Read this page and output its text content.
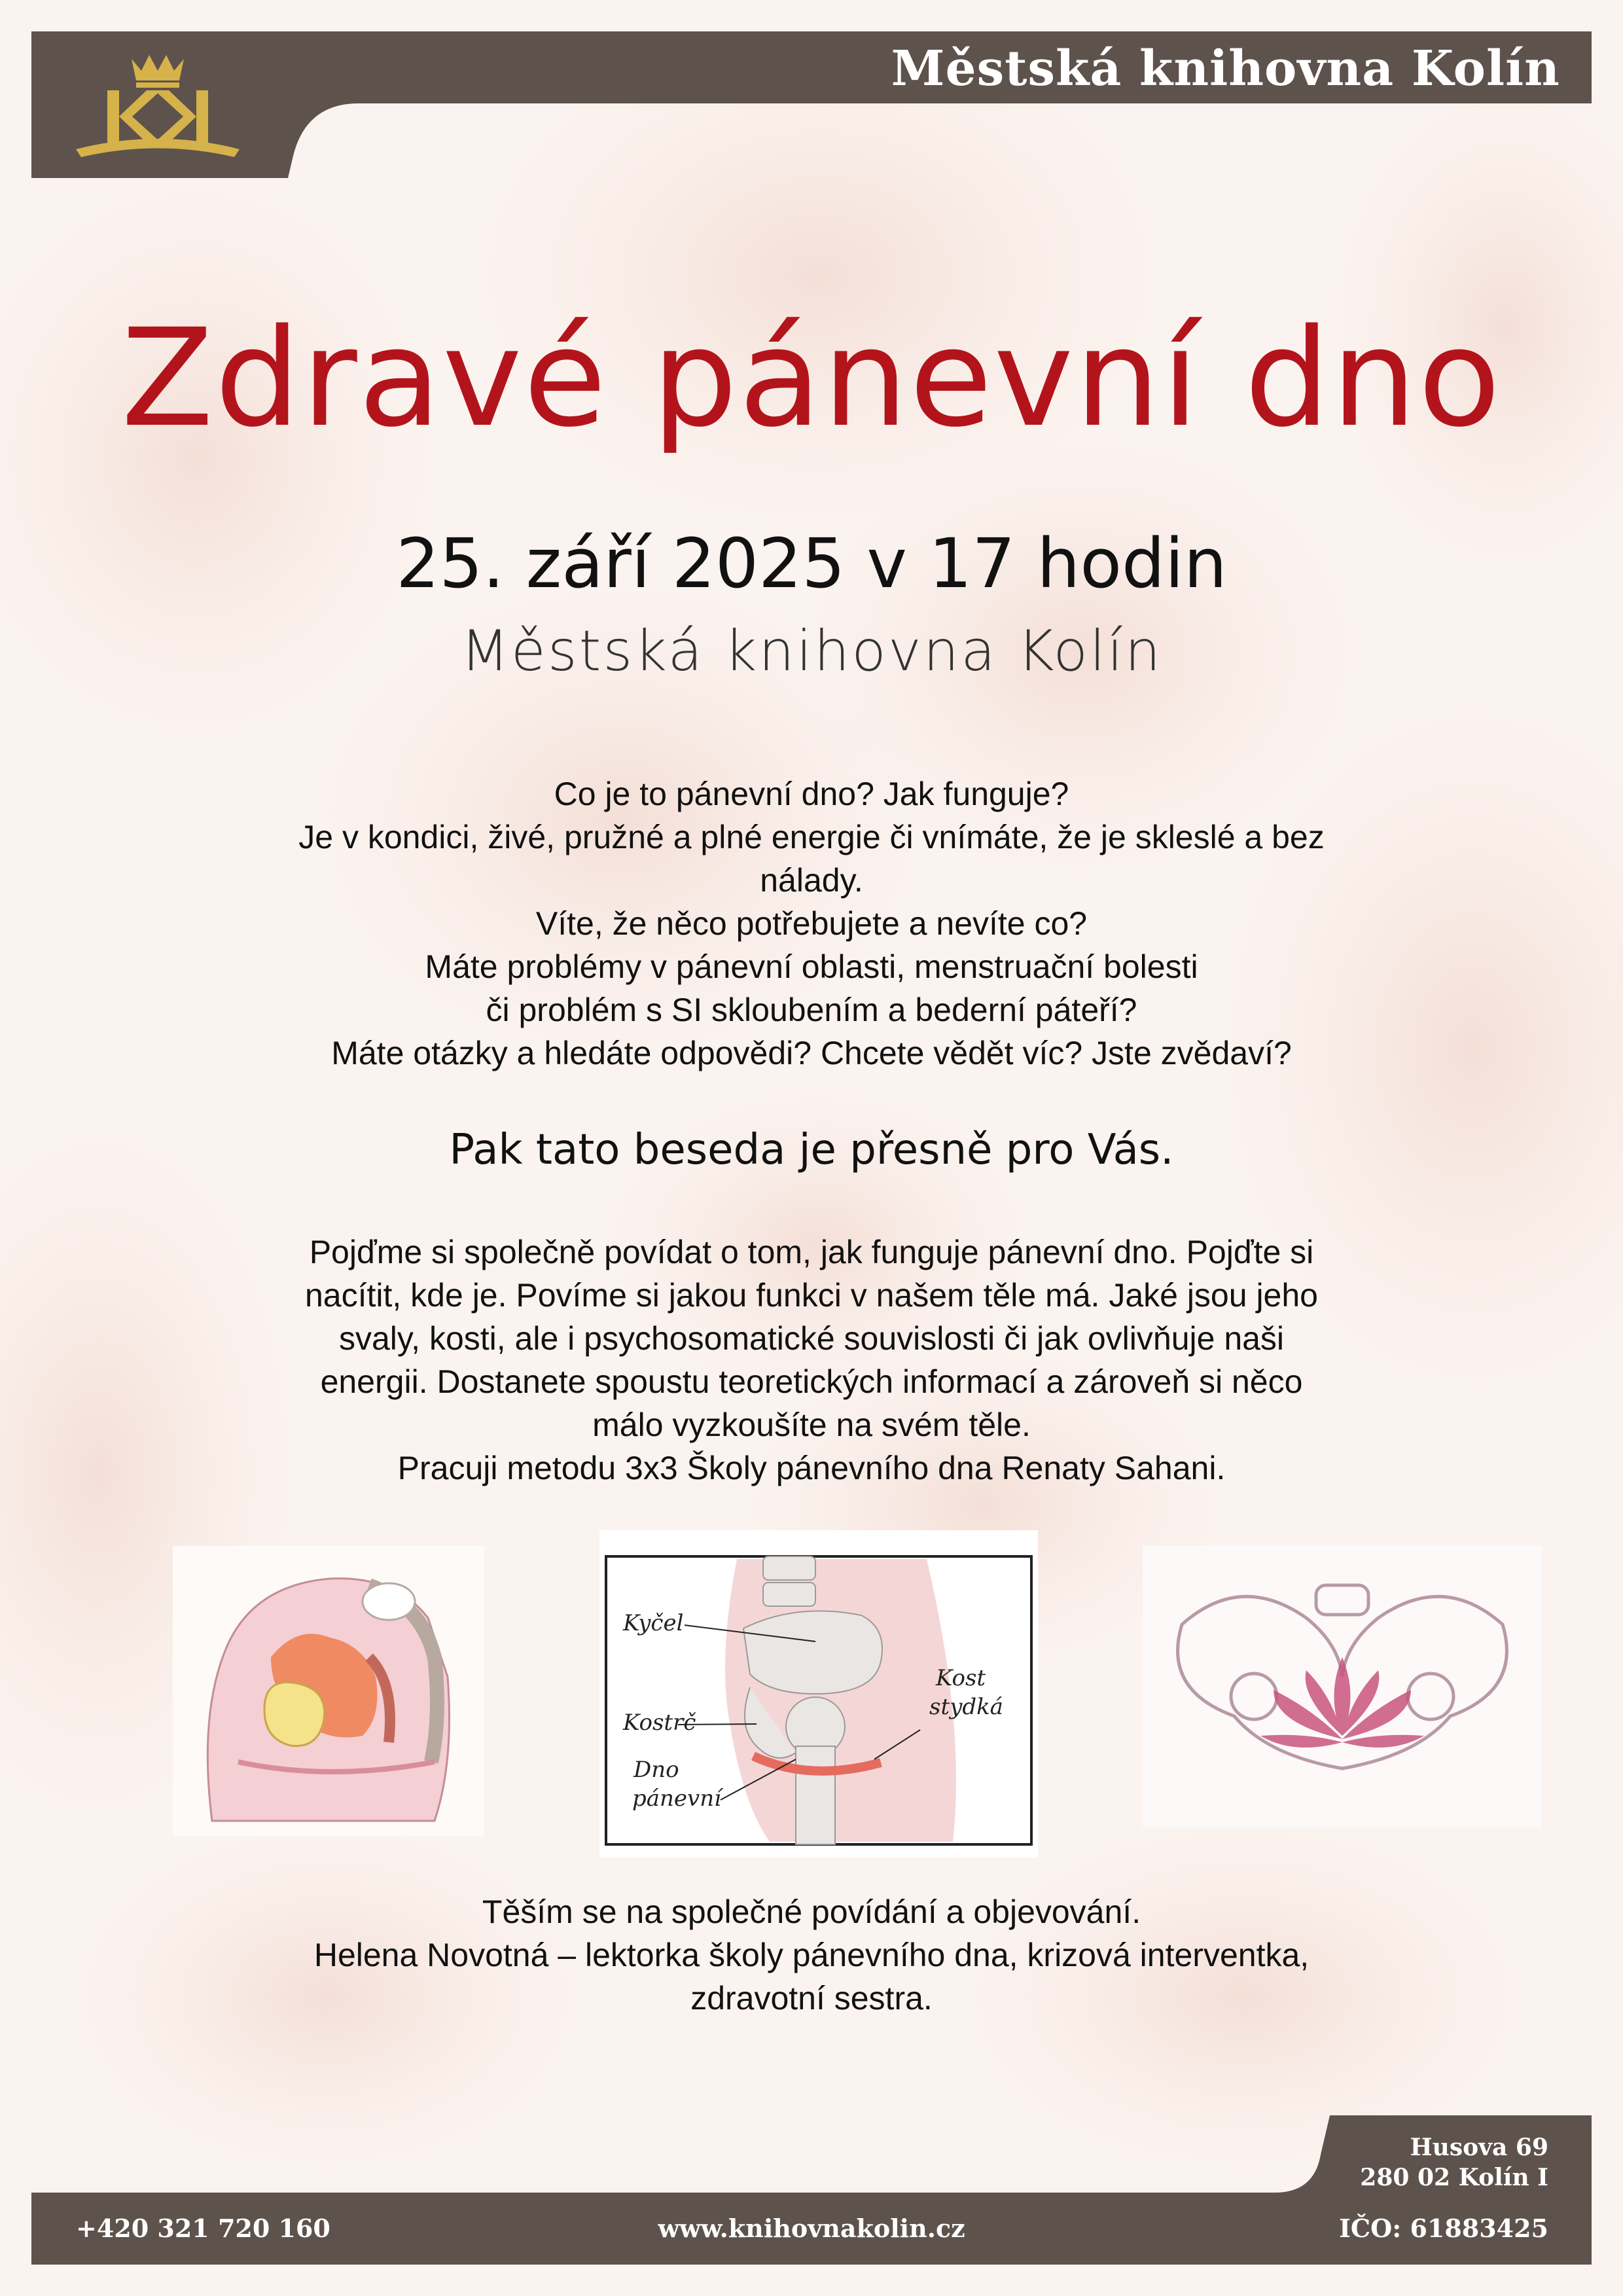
Městská knihovna Kolín
Zdravé pánevní dno
25. září 2025 v 17 hodin
Městská knihovna Kolín
Co je to pánevní dno? Jak funguje?
Je v kondici, živé, pružné a plné energie či vnímáte, že je skleslé a bez
nálady.
Víte, že něco potřebujete a nevíte co?
Máte problémy v pánevní oblasti, menstruační bolesti
či problém s SI skloubením a bederní páteří?
Máte otázky a hledáte odpovědi? Chcete vědět víc? Jste zvědaví?
Pak tato beseda je přesně pro Vás.
Pojďme si společně povídat o tom, jak funguje pánevní dno. Pojďte si
nacítit, kde je. Povíme si jakou funkci v našem těle má. Jaké jsou jeho
svaly, kosti, ale i psychosomatické souvislosti či jak ovlivňuje naši
energii. Dostanete spoustu teoretických informací a zároveň si něco
málo vyzkoušíte na svém těle.
Pracuji metodu 3x3 Školy pánevního dna Renaty Sahani.
Kyčel
Kostrč
Dno
pánevní
Kost
stydká
Těším se na společné povídání a objevování.
Helena Novotná – lektorka školy pánevního dna, krizová interventka,
zdravotní sestra.
Husova 69
280 02 Kolín I
+420 321 720 160	www.knihovnakolin.cz	IČO: 61883425
